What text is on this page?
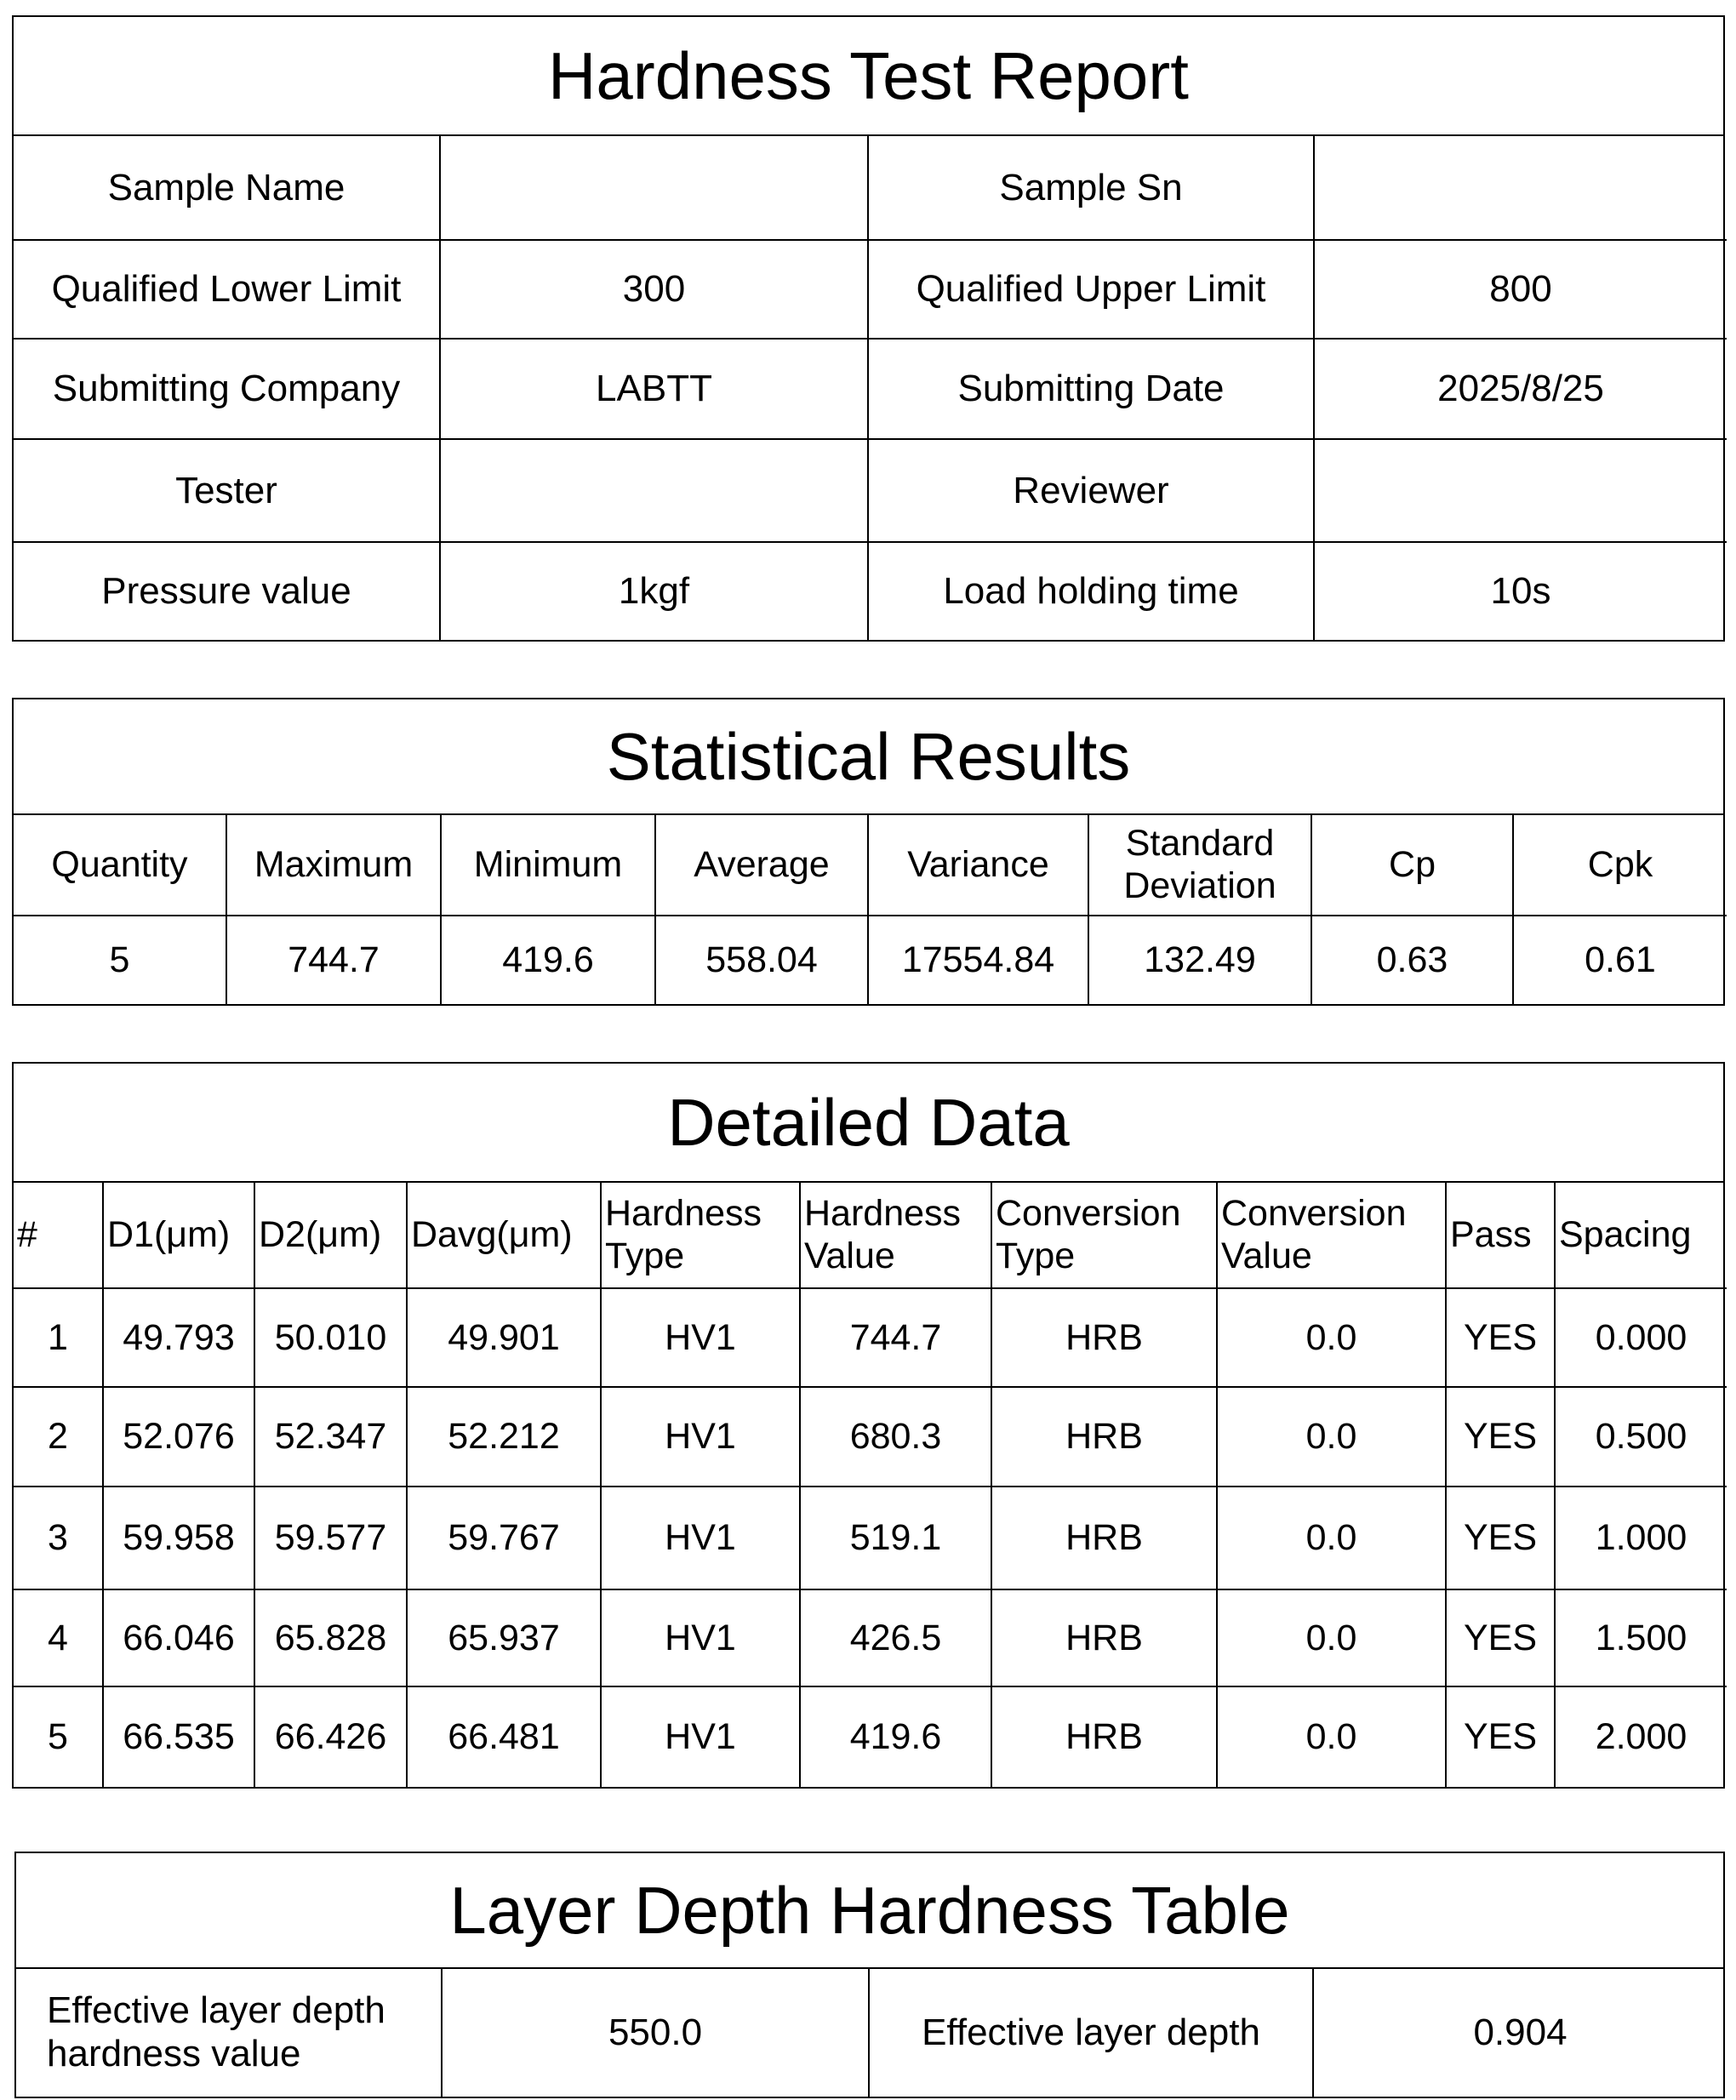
Hardness Test Report
Sample Name		Sample Sn	
Qualified Lower Limit	300	Qualified Upper Limit	800
Submitting Company	LABTT	Submitting Date	2025/8/25
Tester		Reviewer	
Pressure value	1kgf	Load holding time	10s
Statistical Results
Quantity	Maximum	Minimum	Average	Variance	Standard Deviation	Cp	Cpk
5	744.7	419.6	558.04	17554.84	132.49	0.63	0.61
Detailed Data
#	D1(μm)	D2(μm)	Davg(μm)	Hardness Type	Hardness Value	Conversion Type	Conversion Value	Pass	Spacing
1	49.793	50.010	49.901	HV1	744.7	HRB	0.0	YES	0.000
2	52.076	52.347	52.212	HV1	680.3	HRB	0.0	YES	0.500
3	59.958	59.577	59.767	HV1	519.1	HRB	0.0	YES	1.000
4	66.046	65.828	65.937	HV1	426.5	HRB	0.0	YES	1.500
5	66.535	66.426	66.481	HV1	419.6	HRB	0.0	YES	2.000
Layer Depth Hardness Table
Effective layer depth hardness value	550.0	Effective layer depth	0.904
